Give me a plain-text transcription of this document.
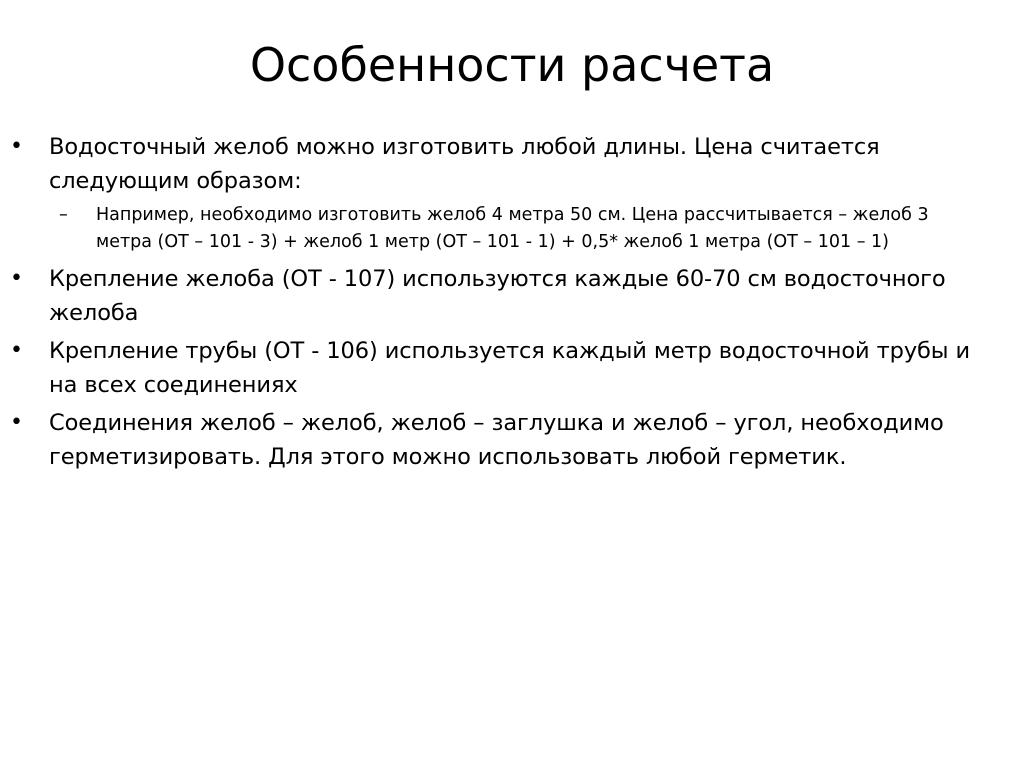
Особенности расчета
• Водосточный желоб можно изготовить любой длины. Цена считается следующим образом:
– Например, необходимо изготовить желоб 4 метра 50 см. Цена рассчитывается – желоб 3 метра (ОТ – 101 - 3) + желоб 1 метр (ОТ – 101 - 1) + 0,5* желоб 1 метра (ОТ – 101 – 1)
• Крепление желоба (ОТ - 107) используются каждые 60-70 см водосточного желоба
• Крепление трубы (ОТ - 106) используется каждый метр водосточной трубы и на всех соединениях
• Соединения желоб – желоб, желоб – заглушка и желоб – угол, необходимо герметизировать. Для этого можно использовать любой герметик.
